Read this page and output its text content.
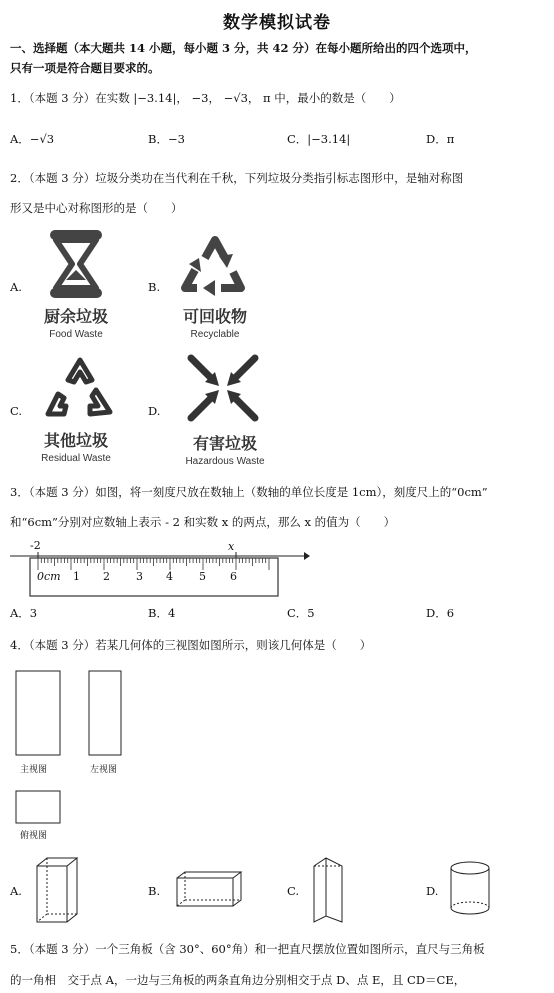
数学模拟试卷
一、选择题（本大题共 14 小题，每小题 3 分，共 42 分）在每小题所给出的四个选项中，
只有一项是符合题目要求的。
1．（本题 3 分）在实数 |−3.14|， −3， −√3， π 中，最小的数是（　　）
A．−√3	B．−3	C．|−3.14|	D．π
2．（本题 3 分）垃圾分类功在当代利在千秋，下列垃圾分类指引标志图形中，是轴对称图
形又是中心对称图形的是（　　）
A.	B.
C.	D.
厨余垃圾
Food Waste
可回收物
Recyclable
其他垃圾
Residual Waste
有害垃圾
Hazardous Waste
3．（本题 3 分）如图，将一刻度尺放在数轴上（数轴的单位长度是 1cm），刻度尺上的“0cm”
和“6cm”分别对应数轴上表示 - 2 和实数 x 的两点，那么 x 的值为（　　）
-2	x
0cm 1 2 3 4 5 6
A．3	B．4	C．5	D．6
4．（本题 3 分）若某几何体的三视图如图所示，则该几何体是（　　）
主视图	左视图
俯视图
A.	B.	C.	D.
5．（本题 3 分）一个三角板（含 30°、60°角）和一把直尺摆放位置如图所示，直尺与三角板
的一角相　交于点 A，一边与三角板的两条直角边分别相交于点 D、点 E，且 CD＝CE，
